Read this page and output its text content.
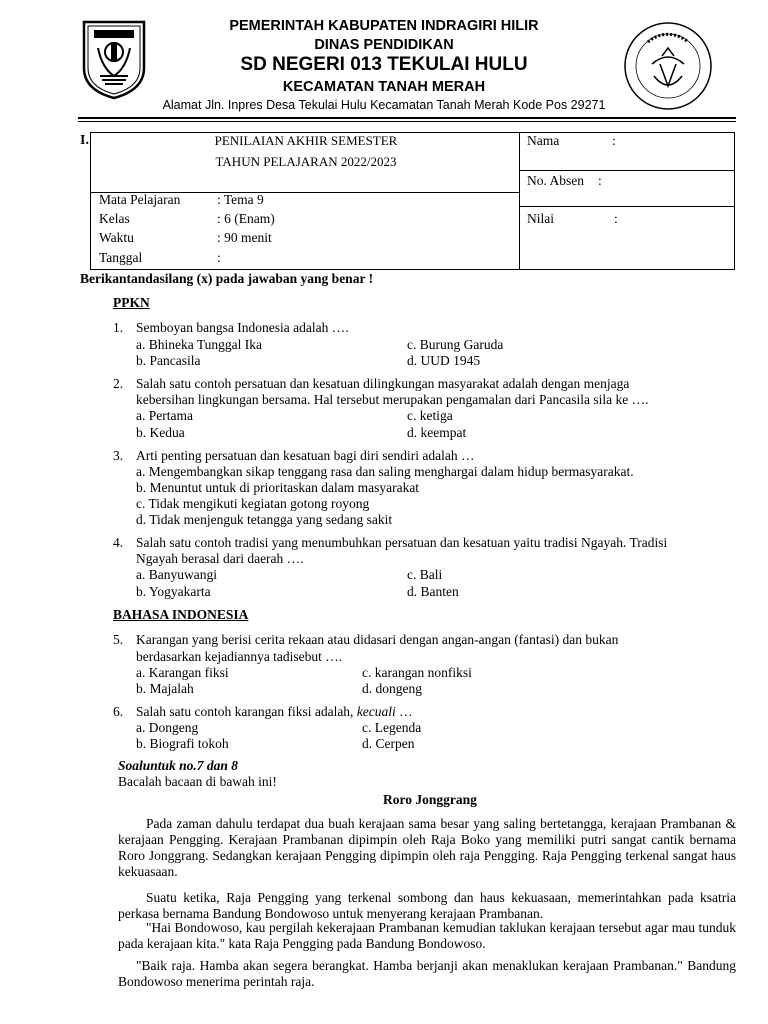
PEMERINTAH KABUPATEN INDRAGIRI HILIR
DINAS PENDIDIKAN
SD NEGERI 013 TEKULAI HULU
KECAMATAN TANAH MERAH
Alamat Jln. Inpres Desa Tekulai Hulu Kecamatan Tanah Merah Kode Pos 29271
I.	PENILAIAN AKHIR SEMESTER
TAHUN PELAJARAN 2022/2023
Mata Pelajaran	: Tema 9
Kelas	: 6 (Enam)
Waktu	: 90 menit
Tanggal	:
Nama	:
No. Absen :
Nilai	:
Berikantandasilang (x) pada jawaban yang benar !
PPKN
1. Semboyan bangsa Indonesia adalah ….
a. Bhineka Tunggal Ika	c. Burung Garuda
b. Pancasila	d. UUD 1945
2. Salah satu contoh persatuan dan kesatuan dilingkungan masyarakat adalah dengan menjaga
kebersihan lingkungan bersama. Hal tersebut merupakan pengamalan dari Pancasila sila ke ….
a. Pertama	c. ketiga
b. Kedua	d. keempat
3. Arti penting persatuan dan kesatuan bagi diri sendiri adalah …
a. Mengembangkan sikap tenggang rasa dan saling menghargai dalam hidup bermasyarakat.
b. Menuntut untuk di prioritaskan dalam masyarakat
c. Tidak mengikuti kegiatan gotong royong
d. Tidak menjenguk tetangga yang sedang sakit
4. Salah satu contoh tradisi yang menumbuhkan persatuan dan kesatuan yaitu tradisi Ngayah. Tradisi
Ngayah berasal dari daerah ….
a. Banyuwangi	c. Bali
b. Yogyakarta	d. Banten
BAHASA INDONESIA
5. Karangan yang berisi cerita rekaan atau didasari dengan angan-angan (fantasi) dan bukan
berdasarkan kejadiannya tadisebut ….
a. Karangan fiksi	c. karangan nonfiksi
b. Majalah	d. dongeng
6. Salah satu contoh karangan fiksi adalah, kecuali …
a. Dongeng	c. Legenda
b. Biografi tokoh	d. Cerpen
Soaluntuk no.7 dan 8
Bacalah bacaan di bawah ini!
Roro Jonggrang
Pada zaman dahulu terdapat dua buah kerajaan sama besar yang saling bertetangga, kerajaan Prambanan & kerajaan Pengging. Kerajaan Prambanan dipimpin oleh Raja Boko yang memiliki putri sangat cantik bernama Roro Jonggrang. Sedangkan kerajaan Pengging dipimpin oleh raja Pengging. Raja Pengging terkenal sangat haus kekuasaan.
Suatu ketika, Raja Pengging yang terkenal sombong dan haus kekuasaan, memerintahkan pada ksatria perkasa bernama Bandung Bondowoso untuk menyerang kerajaan Prambanan.
"Hai Bondowoso, kau pergilah kekerajaan Prambanan kemudian taklukan kerajaan tersebut agar mau tunduk pada kerajaan kita." kata Raja Pengging pada Bandung Bondowoso.
"Baik raja. Hamba akan segera berangkat. Hamba berjanji akan menaklukan kerajaan Prambanan." Bandung Bondowoso menerima perintah raja.
